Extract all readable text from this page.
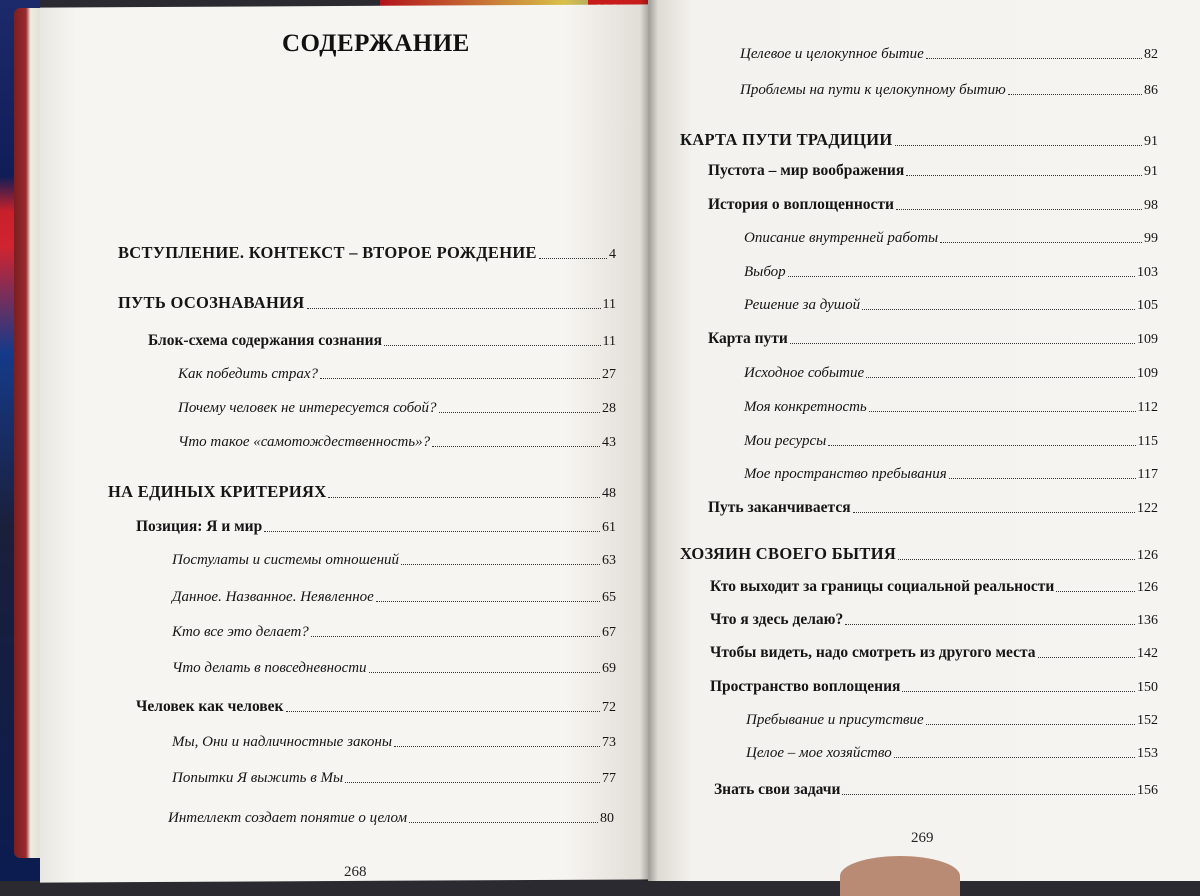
СОДЕРЖАНИЕ
ВСТУПЛЕНИЕ. КОНТЕКСТ – ВТОРОЕ РОЖДЕНИЕ	4
ПУТЬ ОСОЗНАВАНИЯ	11
Блок-схема содержания сознания	11
Как победить страх?	27
Почему человек не интересуется собой?	28
Что такое «самотождественность»?	43
НА ЕДИНЫХ КРИТЕРИЯХ	48
Позиция: Я и мир	61
Постулаты и системы отношений	63
Данное. Названное. Неявленное	65
Кто все это делает?	67
Что делать в повседневности	69
Человек как человек	72
Мы, Они и надличностные законы	73
Попытки Я выжить в Мы	77
Интеллект создает понятие о целом	80
Целевое и целокупное бытие	82
Проблемы на пути к целокупному бытию	86
КАРТА ПУТИ ТРАДИЦИИ	91
Пустота – мир воображения	91
История о воплощенности	98
Описание внутренней работы	99
Выбор	103
Решение за душой	105
Карта пути	109
Исходное событие	109
Моя конкретность	112
Мои ресурсы	115
Мое пространство пребывания	117
Путь заканчивается	122
ХОЗЯИН СВОЕГО БЫТИЯ	126
Кто выходит за границы социальной реальности	126
Что я здесь делаю?	136
Чтобы видеть, надо смотреть из другого места	142
Пространство воплощения	150
Пребывание и присутствие	152
Целое – мое хозяйство	153
Знать свои задачи	156
268
269
